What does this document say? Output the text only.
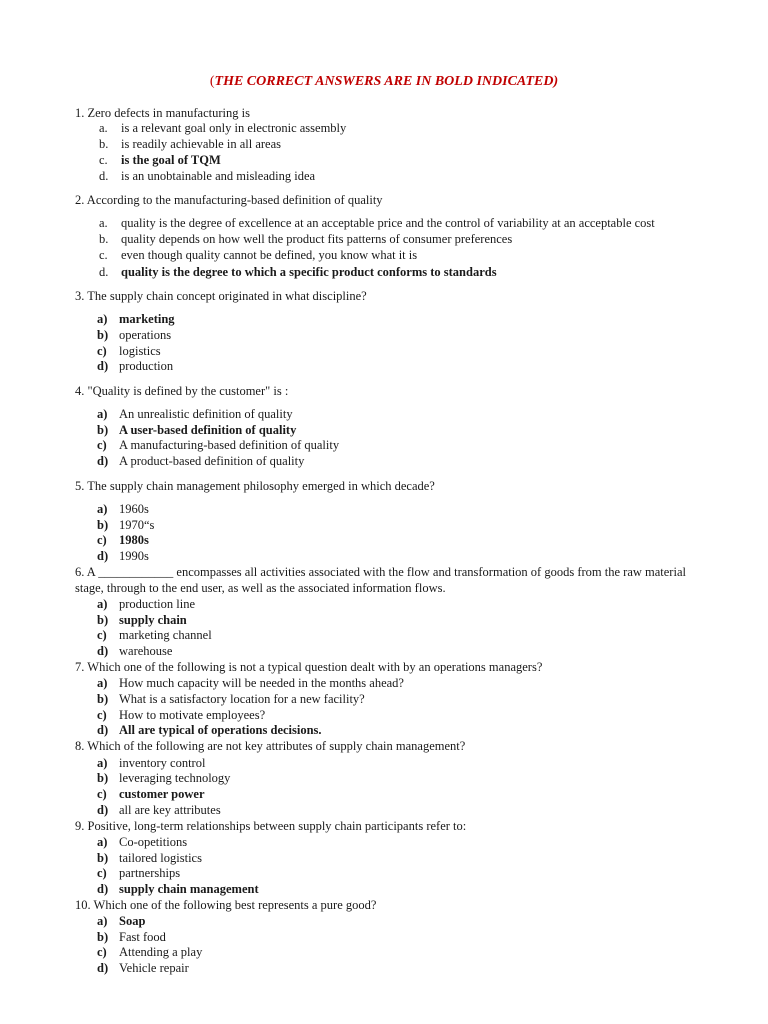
(THE CORRECT ANSWERS ARE IN BOLD INDICATED)
1. Zero defects in manufacturing is
a. is a relevant goal only in electronic assembly
b. is readily achievable in all areas
c. is the goal of TQM
d. is an unobtainable and misleading idea
2. According to the manufacturing-based definition of quality
a. quality is the degree of excellence at an acceptable price and the control of variability at an acceptable cost
b. quality depends on how well the product fits patterns of consumer preferences
c. even though quality cannot be defined, you know what it is
d. quality is the degree to which a specific product conforms to standards
3. The supply chain concept originated in what discipline?
a) marketing
b) operations
c) logistics
d) production
4. "Quality is defined by the customer" is :
a) An unrealistic definition of quality
b) A user-based definition of quality
c) A manufacturing-based definition of quality
d) A product-based definition of quality
5. The supply chain management philosophy emerged in which decade?
a) 1960s
b) 1970“s
c) 1980s
d) 1990s
6. A ____________ encompasses all activities associated with the flow and transformation of goods from the raw material stage, through to the end user, as well as the associated information flows.
a) production line
b) supply chain
c) marketing channel
d) warehouse
7. Which one of the following is not a typical question dealt with by an operations managers?
a) How much capacity will be needed in the months ahead?
b) What is a satisfactory location for a new facility?
c) How to motivate employees?
d) All are typical of operations decisions.
8. Which of the following are not key attributes of supply chain management?
a) inventory control
b) leveraging technology
c) customer power
d) all are key attributes
9. Positive, long-term relationships between supply chain participants refer to:
a) Co-opetitions
b) tailored logistics
c) partnerships
d) supply chain management
10. Which one of the following best represents a pure good?
a) Soap
b) Fast food
c) Attending a play
d) Vehicle repair
